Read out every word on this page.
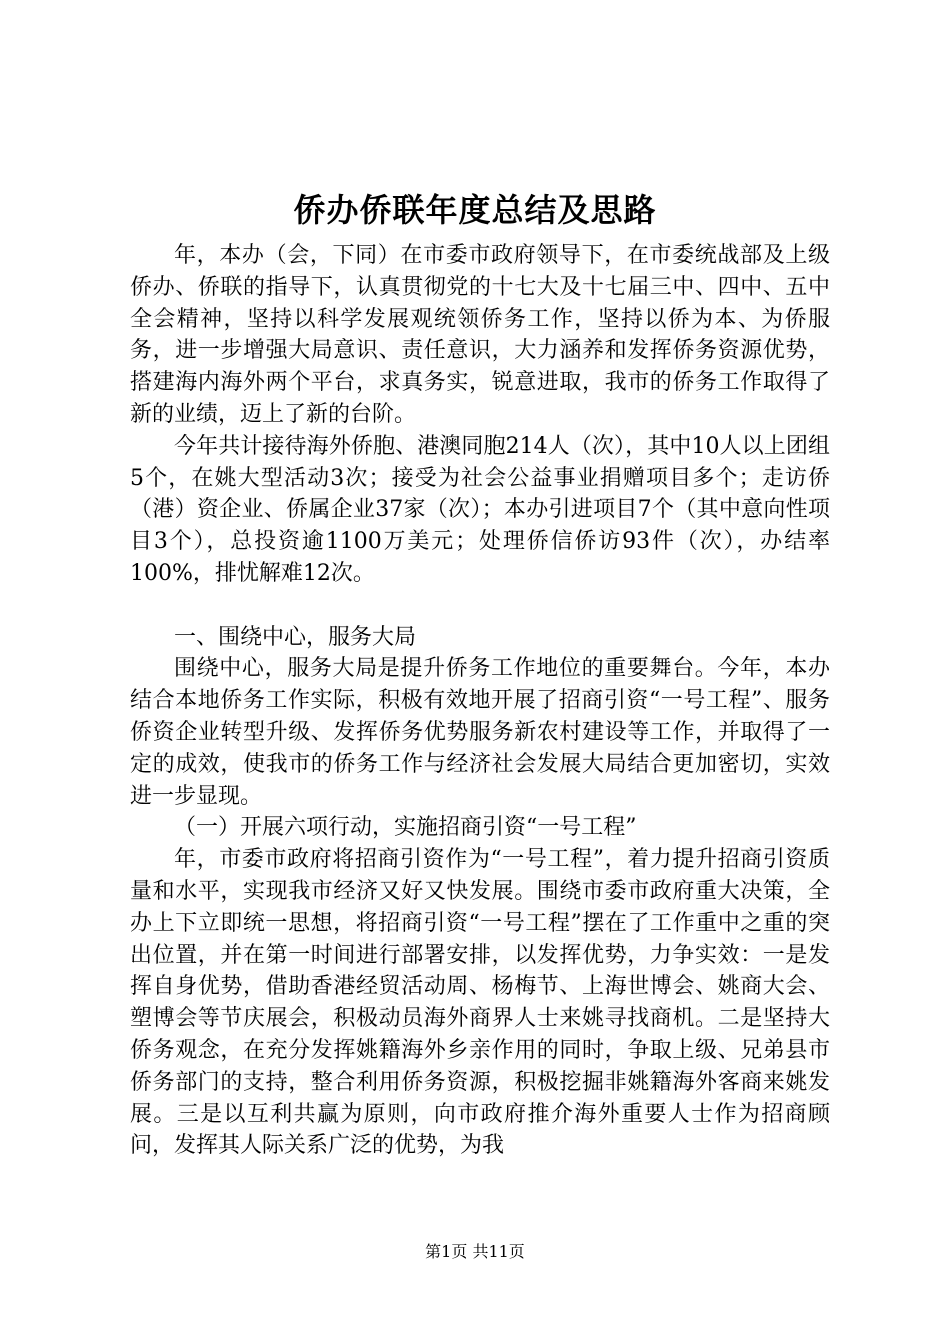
侨办侨联年度总结及思路

年，本办（会，下同）在市委市政府领导下，在市委统战部及上级侨办、侨联的指导下，认真贯彻党的十七大及十七届三中、四中、五中全会精神，坚持以科学发展观统领侨务工作，坚持以侨为本、为侨服务，进一步增强大局意识、责任意识，大力涵养和发挥侨务资源优势，搭建海内海外两个平台，求真务实，锐意进取，我市的侨务工作取得了新的业绩，迈上了新的台阶。

今年共计接待海外侨胞、港澳同胞214人（次），其中10人以上团组5个，在姚大型活动3次；接受为社会公益事业捐赠项目多个；走访侨（港）资企业、侨属企业37家（次）；本办引进项目7个（其中意向性项目3个），总投资逾1100万美元；处理侨信侨访93件（次），办结率100%，排忧解难12次。

一、围绕中心，服务大局

围绕中心，服务大局是提升侨务工作地位的重要舞台。今年，本办结合本地侨务工作实际，积极有效地开展了招商引资“一号工程”、服务侨资企业转型升级、发挥侨务优势服务新农村建设等工作，并取得了一定的成效，使我市的侨务工作与经济社会发展大局结合更加密切，实效进一步显现。

（一）开展六项行动，实施招商引资“一号工程”

年，市委市政府将招商引资作为“一号工程”，着力提升招商引资质量和水平，实现我市经济又好又快发展。围绕市委市政府重大决策，全办上下立即统一思想，将招商引资“一号工程”摆在了工作重中之重的突出位置，并在第一时间进行部署安排，以发挥优势，力争实效：一是发挥自身优势，借助香港经贸活动周、杨梅节、上海世博会、姚商大会、塑博会等节庆展会，积极动员海外商界人士来姚寻找商机。二是坚持大侨务观念，在充分发挥姚籍海外乡亲作用的同时，争取上级、兄弟县市侨务部门的支持，整合利用侨务资源，积极挖掘非姚籍海外客商来姚发展。三是以互利共赢为原则，向市政府推介海外重要人士作为招商顾问，发挥其人际关系广泛的优势，为我

第1页 共11页
